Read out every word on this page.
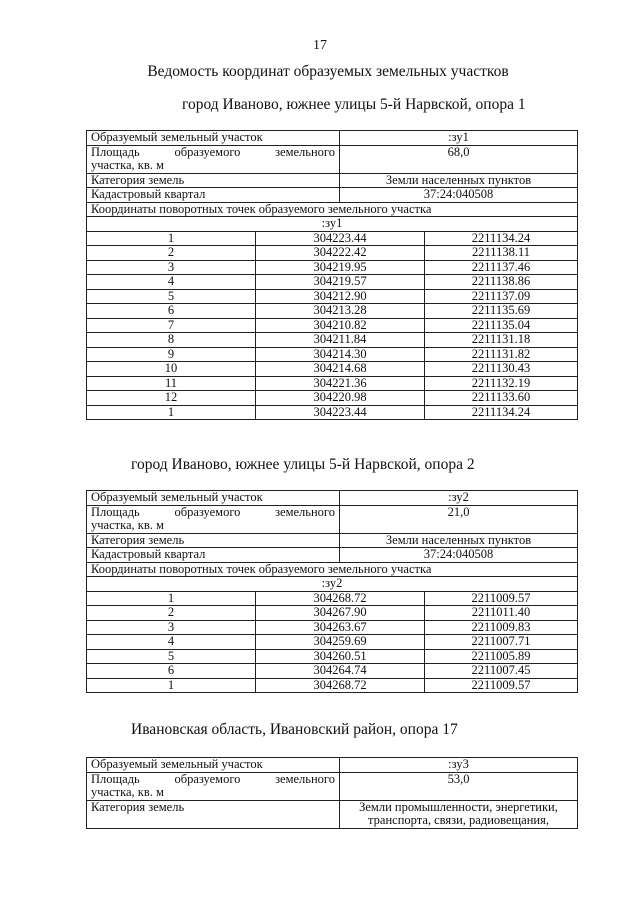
17
Ведомость координат образуемых земельных участков
город Иваново, южнее улицы 5-й Нарвской, опора 1
Образуемый земельный участок		:зу1	

Площадь образуемого земельного
участка, кв. м		68,0	
Категория земель		Земли населенных пунктов	
Кадастровый квартал		37:24:040508	
Координаты поворотных точек образуемого земельного участка			
:зу1			
1	304223.44		2211134.24
2	304222.42		2211138.11
3	304219.95		2211137.46
4	304219.57		2211138.86
5	304212.90		2211137.09
6	304213.28		2211135.69
7	304210.82		2211135.04
8	304211.84		2211131.18
9	304214.30		2211131.82
10	304214.68		2211130.43
11	304221.36		2211132.19
12	304220.98		2211133.60
1	304223.44		2211134.24
город Иваново, южнее улицы 5-й Нарвской, опора 2
Образуемый земельный участок		:зу2	

Площадь образуемого земельного
участка, кв. м		21,0	
Категория земель		Земли населенных пунктов	
Кадастровый квартал		37:24:040508	
Координаты поворотных точек образуемого земельного участка			
:зу2			
1	304268.72		2211009.57
2	304267.90		2211011.40
3	304263.67		2211009.83
4	304259.69		2211007.71
5	304260.51		2211005.89
6	304264.74		2211007.45
1	304268.72		2211009.57
Ивановская область, Ивановский район, опора 17
Образуемый земельный участок	:зу3

Площадь образуемого земельного
участка, кв. м	53,0
Категория земель	Земли промышленности, энергетики,
транспорта, связи, радиовещания,
